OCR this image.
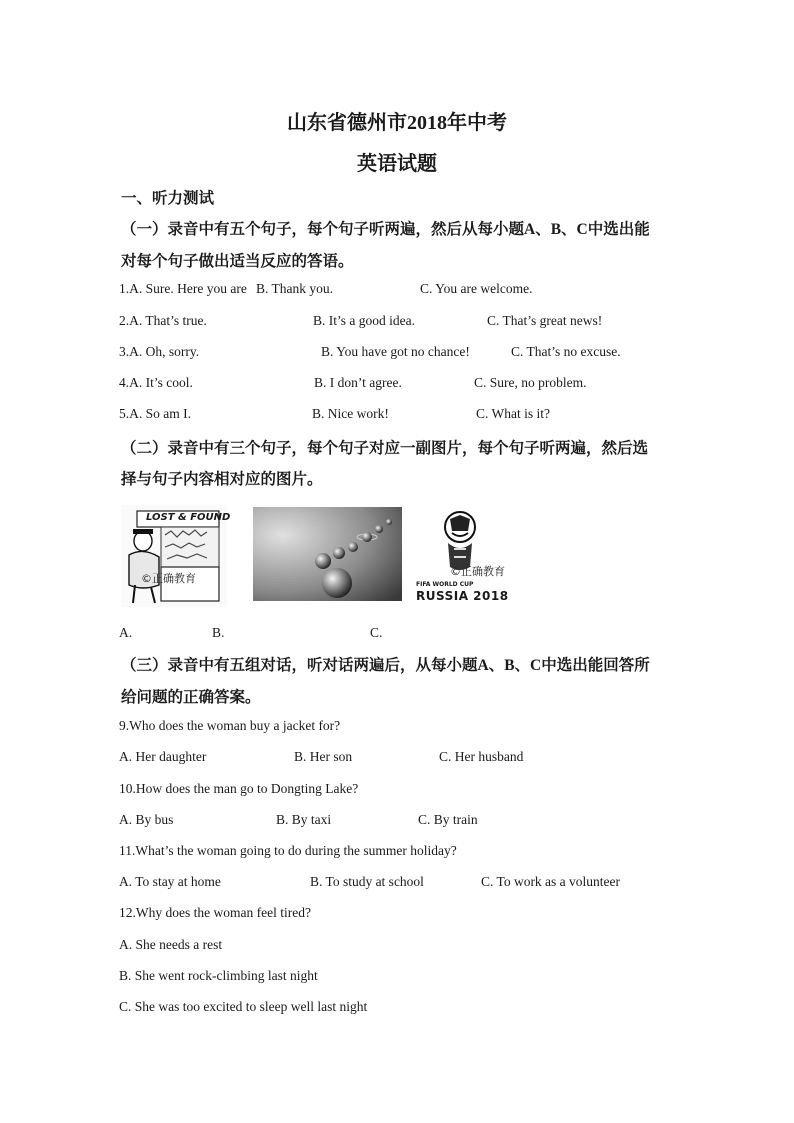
山东省德州市2018年中考
英语试题
一、听力测试
（一）录音中有五个句子，每个句子听两遍，然后从每小题A、B、C中选出能
对每个句子做出适当反应的答语。
1.A. Sure. Here you are B. Thank you.	C. You are welcome.
2.A. That’s true.	B. It’s a good idea.	C. That’s great news!
3.A. Oh, sorry.	B. You have got no chance!	C. That’s no excuse.
4.A. It’s cool.	B. I don’t agree.	C. Sure, no problem.
5.A. So am I.	B. Nice work!	C. What is it?
（二）录音中有三个句子，每个句子对应一副图片，每个句子听两遍，然后选
择与句子内容相对应的图片。
LOST & FOUND
©正确教育
©正确教育
FIFA WORLD CUP
RUSSIA 2018
A.	B.	C.
（三）录音中有五组对话，听对话两遍后，从每小题A、B、C中选出能回答所
给问题的正确答案。
9.Who does the woman buy a jacket for?
A. Her daughter	B. Her son	C. Her husband
10.How does the man go to Dongting Lake?
A. By bus	B. By taxi	C. By train
11.What’s the woman going to do during the summer holiday?
A. To stay at home	B. To study at school	C. To work as a volunteer
12.Why does the woman feel tired?
A. She needs a rest
B. She went rock-climbing last night
C. She was too excited to sleep well last night
